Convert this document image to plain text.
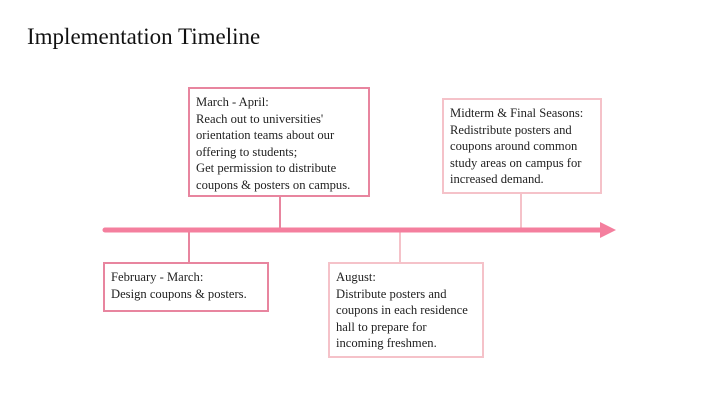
Implementation Timeline
March - April:
Reach out to universities'
orientation teams about our
offering to students;
Get permission to distribute
coupons & posters on campus.
Midterm & Final Seasons:
Redistribute posters and
coupons around common
study areas on campus for
increased demand.
February - March:
Design coupons & posters.
August:
Distribute posters and
coupons in each residence
hall to prepare for
incoming freshmen.
